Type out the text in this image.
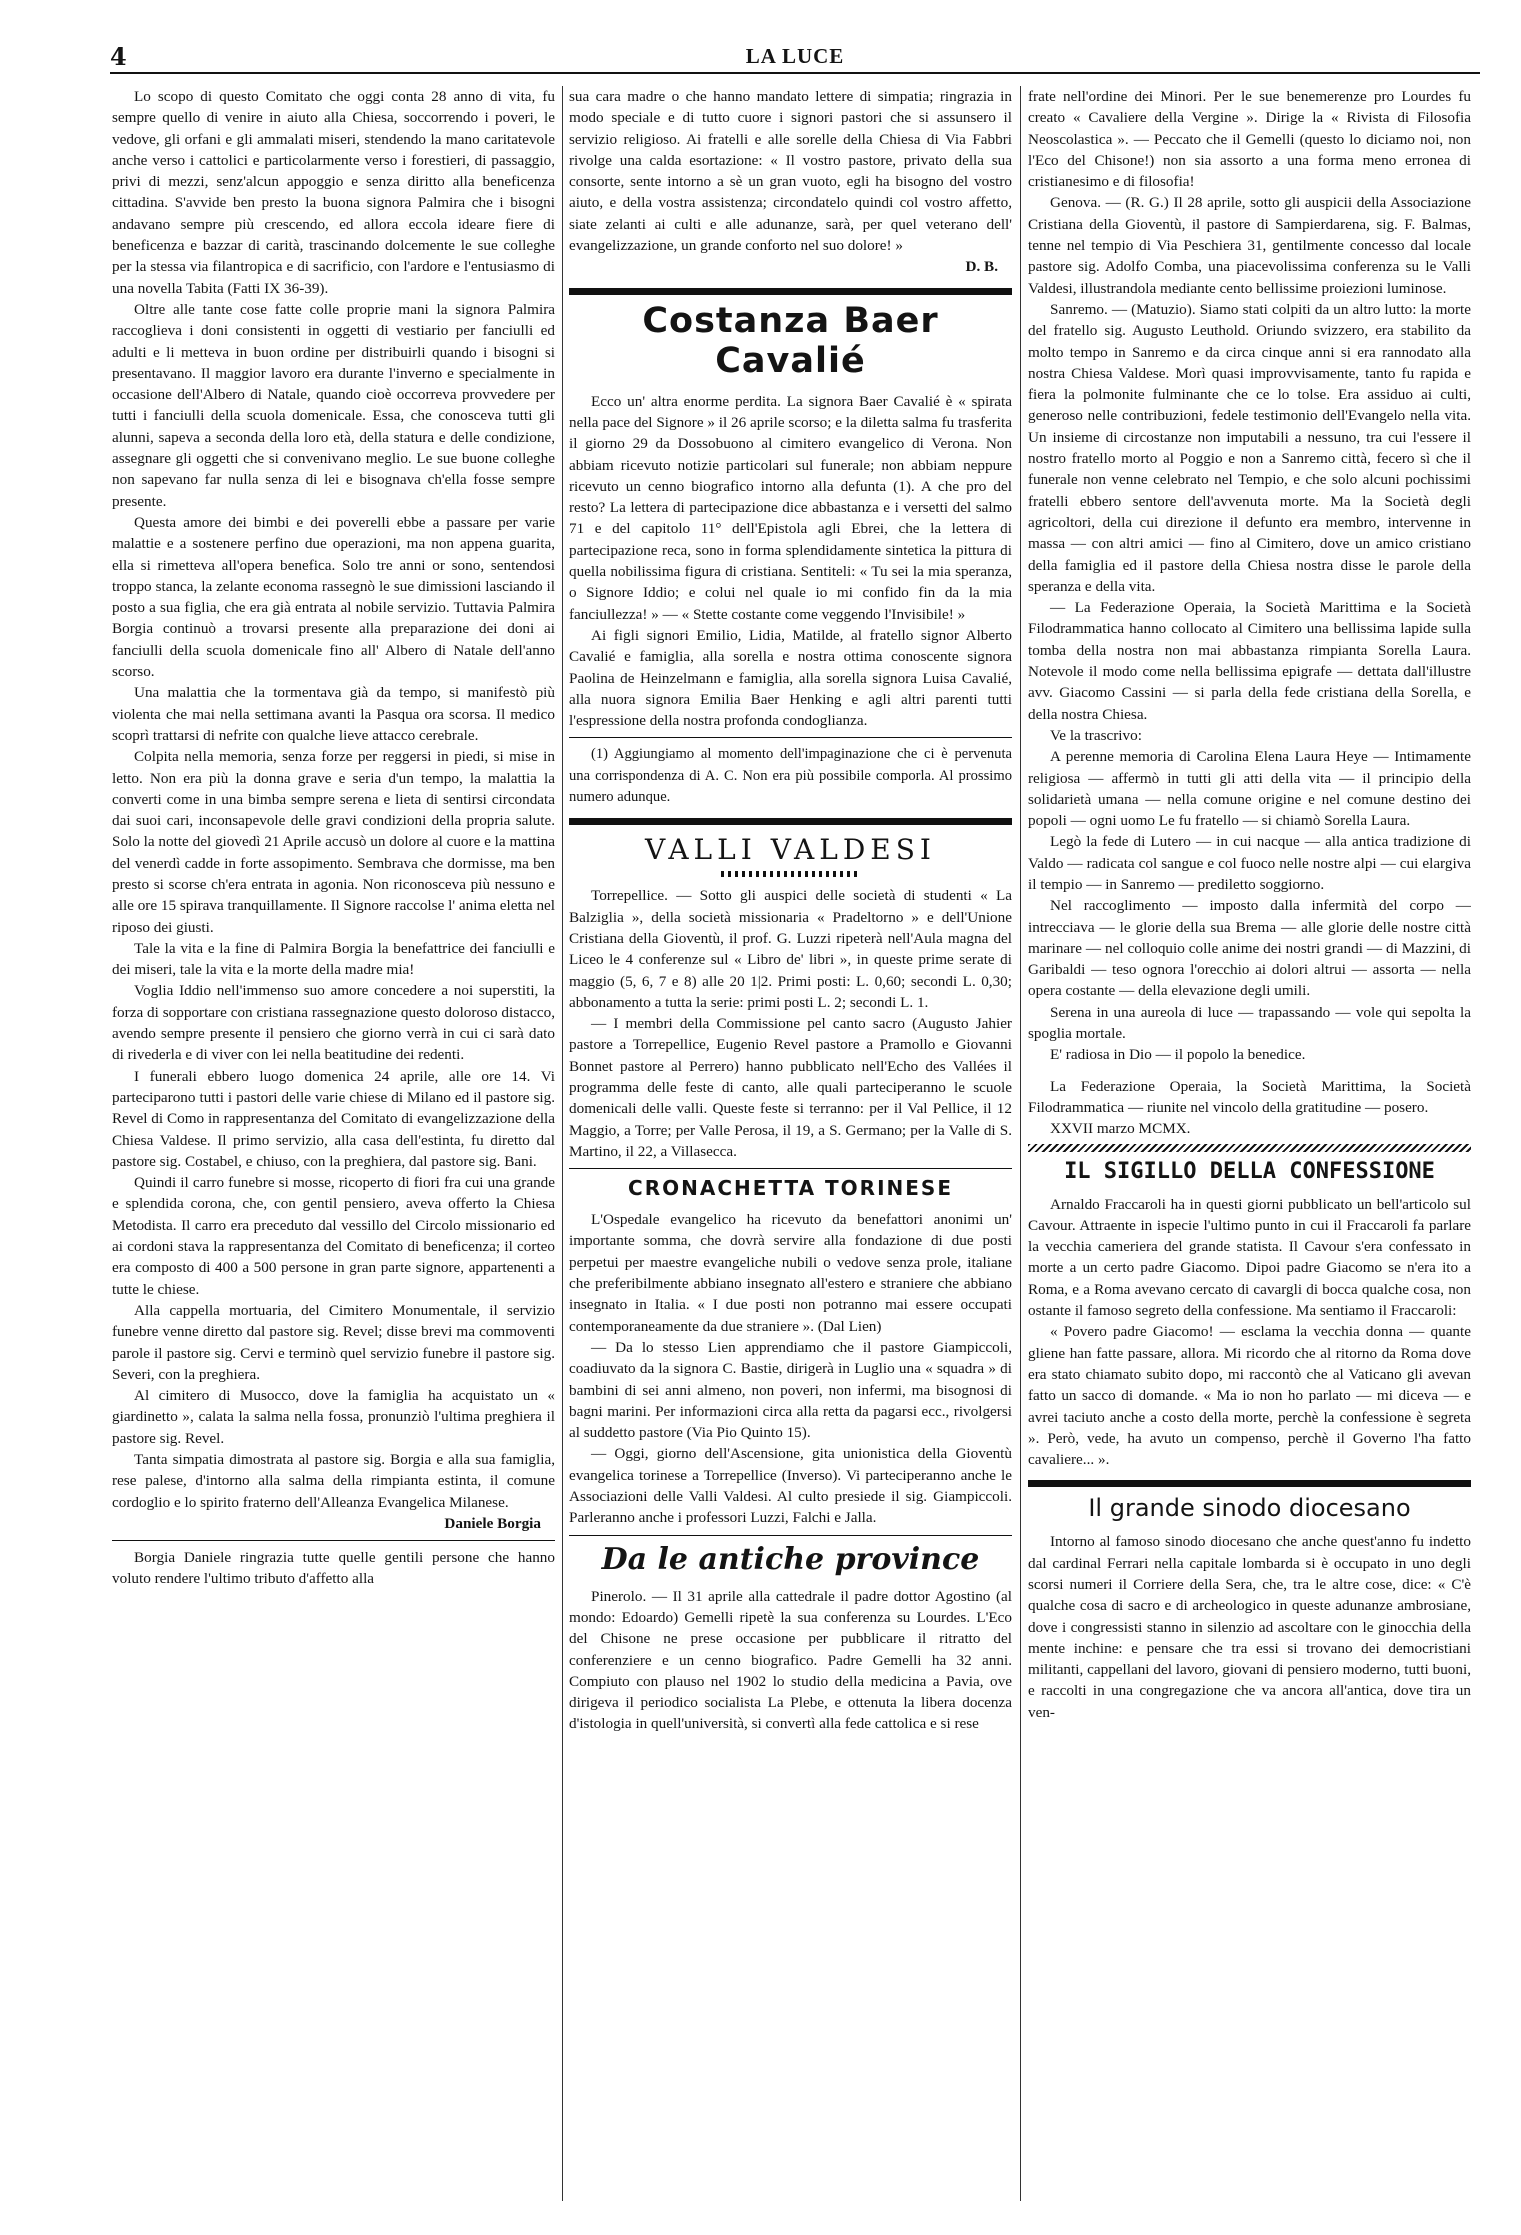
4	LA LUCE

Lo scopo di questo Comitato che oggi conta 28 anno di vita, fu sempre quello di venire in aiuto alla Chiesa, soccorrendo i poveri, le vedove, gli orfani e gli ammalati miseri, stendendo la mano caritatevole anche verso i cattolici e particolarmente verso i forestieri, di passaggio, privi di mezzi, senz'alcun appoggio e senza diritto alla beneficenza cittadina. S'avvide ben presto la buona signora Palmira che i bisogni andavano sempre più crescendo, ed allora eccola ideare fiere di beneficenza e bazzar di carità, trascinando dolcemente le sue colleghe per la stessa via filantropica e di sacrificio, con l'ardore e l'entusiasmo di una novella Tabita (Fatti IX 36-39).

Oltre alle tante cose fatte colle proprie mani la signora Palmira raccoglieva i doni consistenti in oggetti di vestiario per fanciulli ed adulti e li metteva in buon ordine per distribuirli quando i bisogni si presentavano. Il maggior lavoro era durante l'inverno e specialmente in occasione dell'Albero di Natale, quando cioè occorreva provvedere per tutti i fanciulli della scuola domenicale. Essa, che conosceva tutti gli alunni, sapeva a seconda della loro età, della statura e delle condizione, assegnare gli oggetti che si convenivano meglio. Le sue buone colleghe non sapevano far nulla senza di lei e bisognava ch'ella fosse sempre presente.

Questa amore dei bimbi e dei poverelli ebbe a passare per varie malattie e a sostenere perfino due operazioni, ma non appena guarita, ella si rimetteva all'opera benefica. Solo tre anni or sono, sentendosi troppo stanca, la zelante economa rassegnò le sue dimissioni lasciando il posto a sua figlia, che era già entrata al nobile servizio. Tuttavia Palmira Borgia continuò a trovarsi presente alla preparazione dei doni ai fanciulli della scuola domenicale fino all' Albero di Natale dell'anno scorso.

Una malattia che la tormentava già da tempo, si manifestò più violenta che mai nella settimana avanti la Pasqua ora scorsa. Il medico scoprì trattarsi di nefrite con qualche lieve attacco cerebrale.

Colpita nella memoria, senza forze per reggersi in piedi, si mise in letto. Non era più la donna grave e seria d'un tempo, la malattia la converti come in una bimba sempre serena e lieta di sentirsi circondata dai suoi cari, inconsapevole delle gravi condizioni della propria salute. Solo la notte del giovedì 21 Aprile accusò un dolore al cuore e la mattina del venerdì cadde in forte assopimento. Sembrava che dormisse, ma ben presto si scorse ch'era entrata in agonia. Non riconosceva più nessuno e alle ore 15 spirava tranquillamente. Il Signore raccolse l' anima eletta nel riposo dei giusti.

Tale la vita e la fine di Palmira Borgia la benefattrice dei fanciulli e dei miseri, tale la vita e la morte della madre mia!

Voglia Iddio nell'immenso suo amore concedere a noi superstiti, la forza di sopportare con cristiana rassegnazione questo doloroso distacco, avendo sempre presente il pensiero che giorno verrà in cui ci sarà dato di rivederla e di viver con lei nella beatitudine dei redenti.

I funerali ebbero luogo domenica 24 aprile, alle ore 14. Vi parteciparono tutti i pastori delle varie chiese di Milano ed il pastore sig. Revel di Como in rappresentanza del Comitato di evangelizzazione della Chiesa Valdese. Il primo servizio, alla casa dell'estinta, fu diretto dal pastore sig. Costabel, e chiuso, con la preghiera, dal pastore sig. Bani.

Quindi il carro funebre si mosse, ricoperto di fiori fra cui una grande e splendida corona, che, con gentil pensiero, aveva offerto la Chiesa Metodista. Il carro era preceduto dal vessillo del Circolo missionario ed ai cordoni stava la rappresentanza del Comitato di beneficenza; il corteo era composto di 400 a 500 persone in gran parte signore, appartenenti a tutte le chiese.

Alla cappella mortuaria, del Cimitero Monumentale, il servizio funebre venne diretto dal pastore sig. Revel; disse brevi ma commoventi parole il pastore sig. Cervi e terminò quel servizio funebre il pastore sig. Severi, con la preghiera.

Al cimitero di Musocco, dove la famiglia ha acquistato un « giardinetto », calata la salma nella fossa, pronunziò l'ultima preghiera il pastore sig. Revel.

Tanta simpatia dimostrata al pastore sig. Borgia e alla sua famiglia, rese palese, d'intorno alla salma della rimpianta estinta, il comune cordoglio e lo spirito fraterno dell'Alleanza Evangelica Milanese.

Daniele Borgia

Borgia Daniele ringrazia tutte quelle gentili persone che hanno voluto rendere l'ultimo tributo d'affetto alla

sua cara madre o che hanno mandato lettere di simpatia; ringrazia in modo speciale e di tutto cuore i signori pastori che si assunsero il servizio religioso. Ai fratelli e alle sorelle della Chiesa di Via Fabbri rivolge una calda esortazione: « Il vostro pastore, privato della sua consorte, sente intorno a sè un gran vuoto, egli ha bisogno del vostro aiuto, e della vostra assistenza; circondatelo quindi col vostro affetto, siate zelanti ai culti e alle adunanze, sarà, per quel veterano dell' evangelizzazione, un grande conforto nel suo dolore! »

D. B.

Costanza Baer Cavalié

Ecco un' altra enorme perdita. La signora Baer Cavalié è « spirata nella pace del Signore » il 26 aprile scorso; e la diletta salma fu trasferita il giorno 29 da Dossobuono al cimitero evangelico di Verona. Non abbiam ricevuto notizie particolari sul funerale; non abbiam neppure ricevuto un cenno biografico intorno alla defunta (1). A che pro del resto? La lettera di partecipazione dice abbastanza e i versetti del salmo 71 e del capitolo 11° dell'Epistola agli Ebrei, che la lettera di partecipazione reca, sono in forma splendidamente sintetica la pittura di quella nobilissima figura di cristiana. Sentiteli: « Tu sei la mia speranza, o Signore Iddio; e colui nel quale io mi confido fin da la mia fanciullezza! » — « Stette costante come veggendo l'Invisibile! »

Ai figli signori Emilio, Lidia, Matilde, al fratello signor Alberto Cavalié e famiglia, alla sorella e nostra ottima conoscente signora Paolina de Heinzelmann e famiglia, alla sorella signora Luisa Cavalié, alla nuora signora Emilia Baer Henking e agli altri parenti tutti l'espressione della nostra profonda condoglianza.

(1) Aggiungiamo al momento dell'impaginazione che ci è pervenuta una corrispondenza di A. C. Non era più possibile comporla. Al prossimo numero adunque.

VALLI VALDESI

Torrepellice. — Sotto gli auspici delle società di studenti « La Balziglia », della società missionaria « Pradeltorno » e dell'Unione Cristiana della Gioventù, il prof. G. Luzzi ripeterà nell'Aula magna del Liceo le 4 conferenze sul « Libro de' libri », in queste prime serate di maggio (5, 6, 7 e 8) alle 20 1|2. Primi posti: L. 0,60; secondi L. 0,30; abbonamento a tutta la serie: primi posti L. 2; secondi L. 1.

— I membri della Commissione pel canto sacro (Augusto Jahier pastore a Torrepellice, Eugenio Revel pastore a Pramollo e Giovanni Bonnet pastore al Perrero) hanno pubblicato nell'Echo des Vallées il programma delle feste di canto, alle quali parteciperanno le scuole domenicali delle valli. Queste feste si terranno: per il Val Pellice, il 12 Maggio, a Torre; per Valle Perosa, il 19, a S. Germano; per la Valle di S. Martino, il 22, a Villasecca.

CRONACHETTA TORINESE

L'Ospedale evangelico ha ricevuto da benefattori anonimi un' importante somma, che dovrà servire alla fondazione di due posti perpetui per maestre evangeliche nubili o vedove senza prole, italiane che preferibilmente abbiano insegnato all'estero e straniere che abbiano insegnato in Italia. « I due posti non potranno mai essere occupati contemporaneamente da due straniere ». (Dal Lien)

— Da lo stesso Lien apprendiamo che il pastore Giampiccoli, coadiuvato da la signora C. Bastie, dirigerà in Luglio una « squadra » di bambini di sei anni almeno, non poveri, non infermi, ma bisognosi di bagni marini. Per informazioni circa alla retta da pagarsi ecc., rivolgersi al suddetto pastore (Via Pio Quinto 15).

— Oggi, giorno dell'Ascensione, gita unionistica della Gioventù evangelica torinese a Torrepellice (Inverso). Vi parteciperanno anche le Associazioni delle Valli Valdesi. Al culto presiede il sig. Giampiccoli. Parleranno anche i professori Luzzi, Falchi e Jalla.

Da le antiche province

Pinerolo. — Il 31 aprile alla cattedrale il padre dottor Agostino (al mondo: Edoardo) Gemelli ripetè la sua conferenza su Lourdes. L'Eco del Chisone ne prese occasione per pubblicare il ritratto del conferenziere e un cenno biografico. Padre Gemelli ha 32 anni. Compiuto con plauso nel 1902 lo studio della medicina a Pavia, ove dirigeva il periodico socialista La Plebe, e ottenuta la libera docenza d'istologia in quell'università, si convertì alla fede cattolica e si rese

frate nell'ordine dei Minori. Per le sue benemerenze pro Lourdes fu creato « Cavaliere della Vergine ». Dirige la « Rivista di Filosofia Neoscolastica ». — Peccato che il Gemelli (questo lo diciamo noi, non l'Eco del Chisone!) non sia assorto a una forma meno erronea di cristianesimo e di filosofia!

Genova. — (R. G.) Il 28 aprile, sotto gli auspicii della Associazione Cristiana della Gioventù, il pastore di Sampierdarena, sig. F. Balmas, tenne nel tempio di Via Peschiera 31, gentilmente concesso dal locale pastore sig. Adolfo Comba, una piacevolissima conferenza su le Valli Valdesi, illustrandola mediante cento bellissime proiezioni luminose.

Sanremo. — (Matuzio). Siamo stati colpiti da un altro lutto: la morte del fratello sig. Augusto Leuthold. Oriundo svizzero, era stabilito da molto tempo in Sanremo e da circa cinque anni si era rannodato alla nostra Chiesa Valdese. Morì quasi improvvisamente, tanto fu rapida e fiera la polmonite fulminante che ce lo tolse. Era assiduo ai culti, generoso nelle contribuzioni, fedele testimonio dell'Evangelo nella vita. Un insieme di circostanze non imputabili a nessuno, tra cui l'essere il nostro fratello morto al Poggio e non a Sanremo città, fecero sì che il funerale non venne celebrato nel Tempio, e che solo alcuni pochissimi fratelli ebbero sentore dell'avvenuta morte. Ma la Società degli agricoltori, della cui direzione il defunto era membro, intervenne in massa — con altri amici — fino al Cimitero, dove un amico cristiano della famiglia ed il pastore della Chiesa nostra disse le parole della speranza e della vita.

— La Federazione Operaia, la Società Marittima e la Società Filodrammatica hanno collocato al Cimitero una bellissima lapide sulla tomba della nostra non mai abbastanza rimpianta Sorella Laura. Notevole il modo come nella bellissima epigrafe — dettata dall'illustre avv. Giacomo Cassini — si parla della fede cristiana della Sorella, e della nostra Chiesa.

Ve la trascrivo:

A perenne memoria di Carolina Elena Laura Heye — Intimamente religiosa — affermò in tutti gli atti della vita — il principio della solidarietà umana — nella comune origine e nel comune destino dei popoli — ogni uomo Le fu fratello — si chiamò Sorella Laura.

Legò la fede di Lutero — in cui nacque — alla antica tradizione di Valdo — radicata col sangue e col fuoco nelle nostre alpi — cui elargiva il tempio — in Sanremo — prediletto soggiorno.

Nel raccoglimento — imposto dalla infermità del corpo — intrecciava — le glorie della sua Brema — alle glorie delle nostre città marinare — nel colloquio colle anime dei nostri grandi — di Mazzini, di Garibaldi — teso ognora l'orecchio ai dolori altrui — assorta — nella opera costante — della elevazione degli umili.

Serena in una aureola di luce — trapassando — vole qui sepolta la spoglia mortale.

E' radiosa in Dio — il popolo la benedice.

La Federazione Operaia, la Società Marittima, la Società Filodrammatica — riunite nel vincolo della gratitudine — posero.

XXVII marzo MCMX.

IL SIGILLO DELLA CONFESSIONE

Arnaldo Fraccaroli ha in questi giorni pubblicato un bell'articolo sul Cavour. Attraente in ispecie l'ultimo punto in cui il Fraccaroli fa parlare la vecchia cameriera del grande statista. Il Cavour s'era confessato in morte a un certo padre Giacomo. Dipoi padre Giacomo se n'era ito a Roma, e a Roma avevano cercato di cavargli di bocca qualche cosa, non ostante il famoso segreto della confessione. Ma sentiamo il Fraccaroli:

« Povero padre Giacomo! — esclama la vecchia donna — quante gliene han fatte passare, allora. Mi ricordo che al ritorno da Roma dove era stato chiamato subito dopo, mi raccontò che al Vaticano gli avevan fatto un sacco di domande. « Ma io non ho parlato — mi diceva — e avrei taciuto anche a costo della morte, perchè la confessione è segreta ». Però, vede, ha avuto un compenso, perchè il Governo l'ha fatto cavaliere... ».

Il grande sinodo diocesano

Intorno al famoso sinodo diocesano che anche quest'anno fu indetto dal cardinal Ferrari nella capitale lombarda si è occupato in uno degli scorsi numeri il Corriere della Sera, che, tra le altre cose, dice: « C'è qualche cosa di sacro e di archeologico in queste adunanze ambrosiane, dove i congressisti stanno in silenzio ad ascoltare con le ginocchia della mente inchine: e pensare che tra essi si trovano dei democristiani militanti, cappellani del lavoro, giovani di pensiero moderno, tutti buoni, e raccolti in una congregazione che va ancora all'antica, dove tira un ven-
